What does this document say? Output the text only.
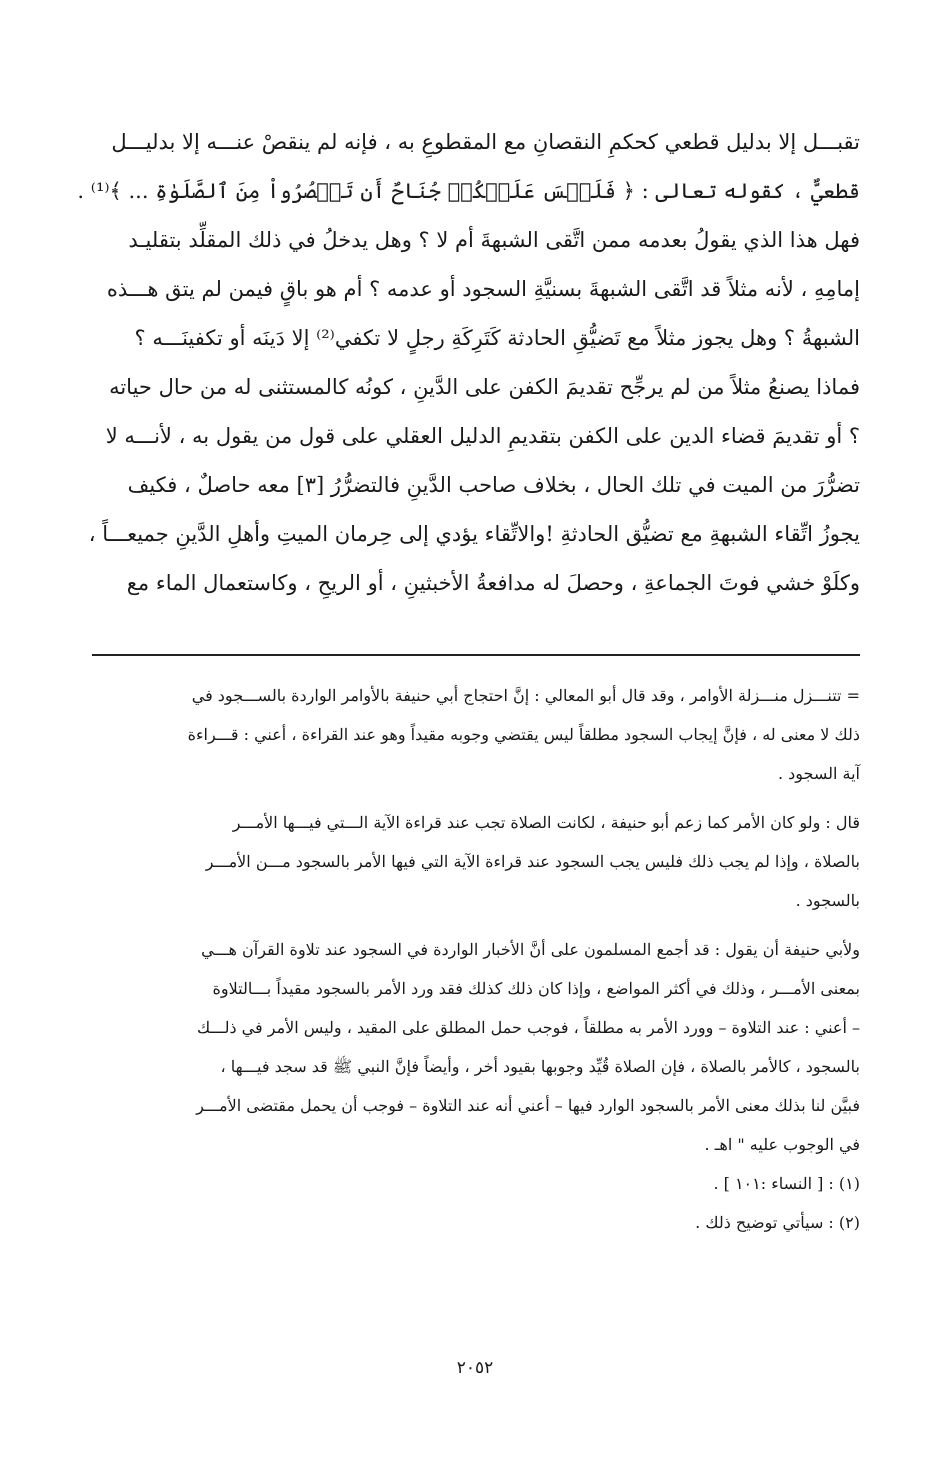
تقبـــل إلا بدليل قطعي كحكمِ النقصانِ مع المقطوعِ به ، فإنه لم ينقصْ عنـــه إلا بدليـــل
قطعيٌّ ، كقوله تعالى : ﴿ فَلَيۡسَ عَلَيۡكُمۡ جُنَاحٌ أَن تَقۡصُرُواْ مِنَ ٱلصَّلَوٰةِ ... ﴾⁽¹⁾ .
فهل هذا الذي يقولُ بعدمه ممن اتَّقى الشبهةَ أم لا ؟ وهل يدخلُ في ذلك المقلِّد بتقليـد
إمامِهِ ، لأنه مثلاً قد اتَّقى الشبهةَ بسنيَّةِ السجود أو عدمه ؟ أم هو باقٍ فيمن لم يتق هـــذه
الشبهةُ ؟ وهل يجوز مثلاً مع تَضيُّقِ الحادثة كَتَرِكَةِ رجلٍ لا تكفي⁽²⁾ إلا دَينَه أو تكفينَـــه ؟
فماذا يصنعُ مثلاً من لم يرجِّح تقديمَ الكفن على الدَّينِ ، كونُه كالمستثنى له من حال حياته
؟ أو تقديمَ قضاء الدين على الكفن بتقديمِ الدليل العقلي على قول من يقول به ، لأنـــه لا
تضرُّرَ من الميت في تلك الحال ، بخلاف صاحب الدَّينِ فالتضرُّرُ [٣] معه حاصلٌ ، فكيف
يجوزُ اتِّقاء الشبهةِ مع تضيُّق الحادثةِ !والاتِّقاء يؤدي إلى حِرمان الميتِ وأهلِ الدَّينِ جميعـــاً ،
وكلَوْ خشي فوتَ الجماعةِ ، وحصلَ له مدافعةُ الأخبثينِ ، أو الريحِ ، وكاستعمال الماء مع
= تتنـــزل منـــزلة الأوامر ، وقد قال أبو المعالي : إنَّ احتجاج أبي حنيفة بالأوامر الواردة بالســـجود في
ذلك لا معنى له ، فإنَّ إيجاب السجود مطلقاً ليس يقتضي وجوبه مقيداً وهو عند القراءة ، أعني : قـــراءة
آية السجود .
قال : ولو كان الأمر كما زعم أبو حنيفة ، لكانت الصلاة تجب عند قراءة الآية الـــتي فيـــها الأمـــر
بالصلاة ، وإذا لم يجب ذلك فليس يجب السجود عند قراءة الآية التي فيها الأمر بالسجود مـــن الأمـــر
بالسجود .
ولأبي حنيفة أن يقول : قد أجمع المسلمون على أنَّ الأخبار الواردة في السجود عند تلاوة القرآن هـــي
بمعنى الأمـــر ، وذلك في أكثر المواضع ، وإذا كان ذلك كذلك فقد ورد الأمر بالسجود مقيداً بـــالتلاوة
– أعني : عند التلاوة – وورد الأمر به مطلقاً ، فوجب حمل المطلق على المقيد ، وليس الأمر في ذلـــك
بالسجود ، كالأمر بالصلاة ، فإن الصلاة قُيِّد وجوبها بقيود أخر ، وأيضاً فإنَّ النبي ﷺ قد سجد فيـــها ،
فبيَّن لنا بذلك معنى الأمر بالسجود الوارد فيها – أعني أنه عند التلاوة – فوجب أن يحمل مقتضى الأمـــر
في الوجوب عليه " اهـ .
(١) : [ النساء :١٠١ ] .
(٢) : سيأتي توضيح ذلك .
٢٠٥٢
